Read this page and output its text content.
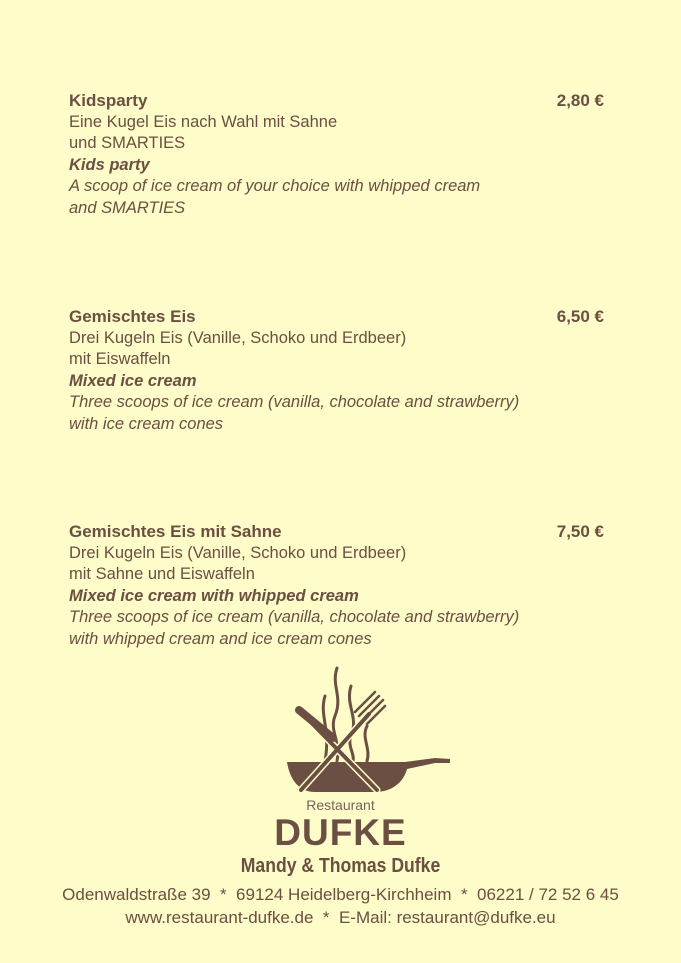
Kidsparty	2,80 €
Eine Kugel Eis nach Wahl mit Sahne
und SMARTIES
Kids party
A scoop of ice cream of your choice with whipped cream
and SMARTIES
Gemischtes Eis	6,50 €
Drei Kugeln Eis (Vanille, Schoko und Erdbeer)
mit Eiswaffeln
Mixed ice cream
Three scoops of ice cream (vanilla, chocolate and strawberry)
with ice cream cones
Gemischtes Eis mit Sahne	7,50 €
Drei Kugeln Eis (Vanille, Schoko und Erdbeer)
mit Sahne und Eiswaffeln
Mixed ice cream with whipped cream
Three scoops of ice cream (vanilla, chocolate and strawberry)
with whipped cream and ice cream cones
Restaurant
DUFKE
Mandy & Thomas Dufke
Odenwaldstraße 39  *  69124 Heidelberg-Kirchheim  *  06221 / 72 52 6 45
www.restaurant-dufke.de  *  E-Mail: restaurant@dufke.eu
